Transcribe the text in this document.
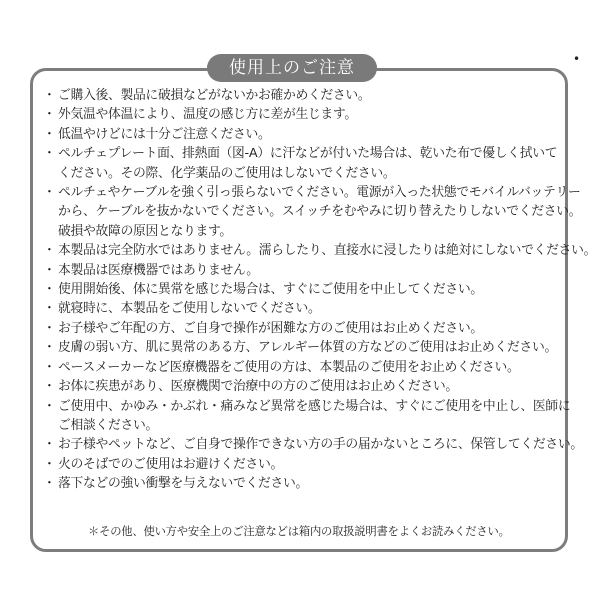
使用上のご注意	•
・ ご購入後、製品に破損などがないかお確かめください。
・ 外気温や体温により、温度の感じ方に差が生じます。
・ 低温やけどには十分ご注意ください。
・ ペルチェプレート面、排熱面（図-A）に汗などが付いた場合は、乾いた布で優しく拭いて
ください。その際、化学薬品のご使用はしないでください。
・ ペルチェやケーブルを強く引っ張らないでください。電源が入った状態でモバイルバッテリー
から、ケーブルを抜かないでください。スイッチをむやみに切り替えたりしないでください。
破損や故障の原因となります。
・ 本製品は完全防水ではありません。濡らしたり、直接水に浸したりは絶対にしないでください。
・ 本製品は医療機器ではありません。
・ 使用開始後、体に異常を感じた場合は、すぐにご使用を中止してください。
・ 就寝時に、本製品をご使用しないでください。
・ お子様やご年配の方、ご自身で操作が困難な方のご使用はお止めください。
・ 皮膚の弱い方、肌に異常のある方、アレルギー体質の方などのご使用はお止めください。
・ ペースメーカーなど医療機器をご使用の方は、本製品のご使用をお止めください。
・ お体に疾患があり、医療機関で治療中の方のご使用はお止めください。
・ ご使用中、かゆみ・かぶれ・痛みなど異常を感じた場合は、すぐにご使用を中止し、医師に
ご相談ください。
・ お子様やペットなど、ご自身で操作できない方の手の届かないところに、保管してください。
・ 火のそばでのご使用はお避けください。
・ 落下などの強い衝撃を与えないでください。
＊その他、使い方や安全上のご注意などは箱内の取扱説明書をよくお読みください。
